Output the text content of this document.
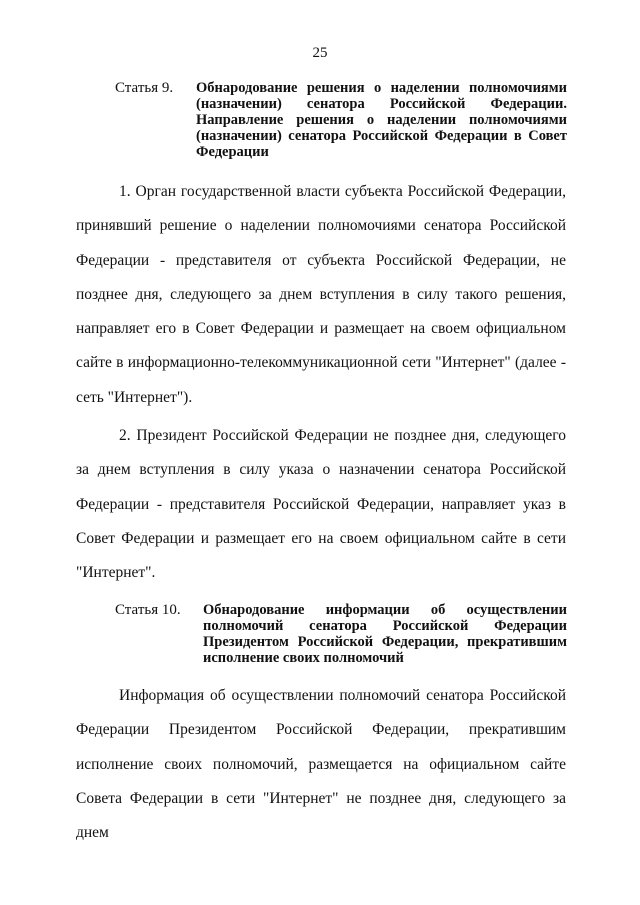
25
Статья 9. Обнародование решения о наделении полномочиями (назначении) сенатора Российской Федерации. Направление решения о наделении полномочиями (назначении) сенатора Российской Федерации в Совет Федерации
1. Орган государственной власти субъекта Российской Федерации, принявший решение о наделении полномочиями сенатора Российской Федерации - представителя от субъекта Российской Федерации, не позднее дня, следующего за днем вступления в силу такого решения, направляет его в Совет Федерации и размещает на своем официальном сайте в информационно-телекоммуникационной сети "Интернет" (далее - сеть "Интернет").
2. Президент Российской Федерации не позднее дня, следующего за днем вступления в силу указа о назначении сенатора Российской Федерации - представителя Российской Федерации, направляет указ в Совет Федерации и размещает его на своем официальном сайте в сети "Интернет".
Статья 10. Обнародование информации об осуществлении полномочий сенатора Российской Федерации Президентом Российской Федерации, прекратившим исполнение своих полномочий
Информация об осуществлении полномочий сенатора Российской Федерации Президентом Российской Федерации, прекратившим исполнение своих полномочий, размещается на официальном сайте Совета Федерации в сети "Интернет" не позднее дня, следующего за днем
